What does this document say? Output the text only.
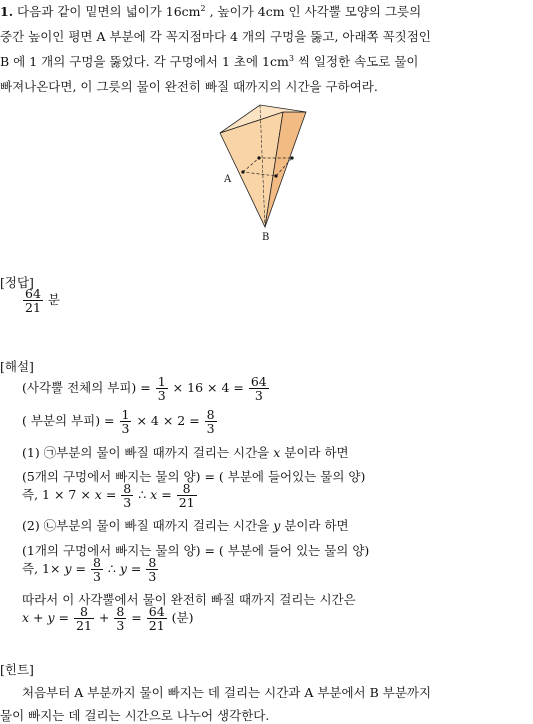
1. 다음과 같이 밑면의 넓이가 $16cm^2$ , 높이가 4cm 인 사각뿔 모양의 그릇의
중간 높이인 평면 A 부분에 각 꼭지점마다 4 개의 구멍을 뚫고, 아래쪽 꼭짓점인
B 에 1 개의 구멍을 뚫었다. 각 구멍에서 1 초에 $1cm^3$ 씩 일정한 속도로 물이
빠져나온다면, 이 그릇의 물이 완전히 빠질 때까지의 시간을 구하여라.
A
B
[정답]
$\frac{64}{21}$ 분
[해설]
(사각뿔 전체의 부피) = $\frac{1}{3} \times 16 \times 4 = \frac{64}{3}$
( 부분의 부피) = $\frac{1}{3} \times 4 \times 2 = \frac{8}{3}$
(1) ㉠부분의 물이 빠질 때까지 걸리는 시간을 x 분이라 하면
(5개의 구멍에서 빠지는 물의 양) = ( 부분에 들어있는 물의 양)
즉, $1 \times 7 \times x = \frac{8}{3}$ ∴ $x = \frac{8}{21}$
(2) ㉡부분의 물이 빠질 때까지 걸리는 시간을 y 분이라 하면
(1개의 구멍에서 빠지는 물의 양) = ( 부분에 들어 있는 물의 양)
즉, $1\times y = \frac{8}{3}$ ∴ $y = \frac{8}{3}$
따라서 이 사각뿔에서 물이 완전히 빠질 때까지 걸리는 시간은
$x + y = \frac{8}{21} + \frac{8}{3} = \frac{64}{21}$ (분)
[힌트]
처음부터 A 부분까지 물이 빠지는 데 걸리는 시간과 A 부분에서 B 부분까지
물이 빠지는 데 걸리는 시간으로 나누어 생각한다.
